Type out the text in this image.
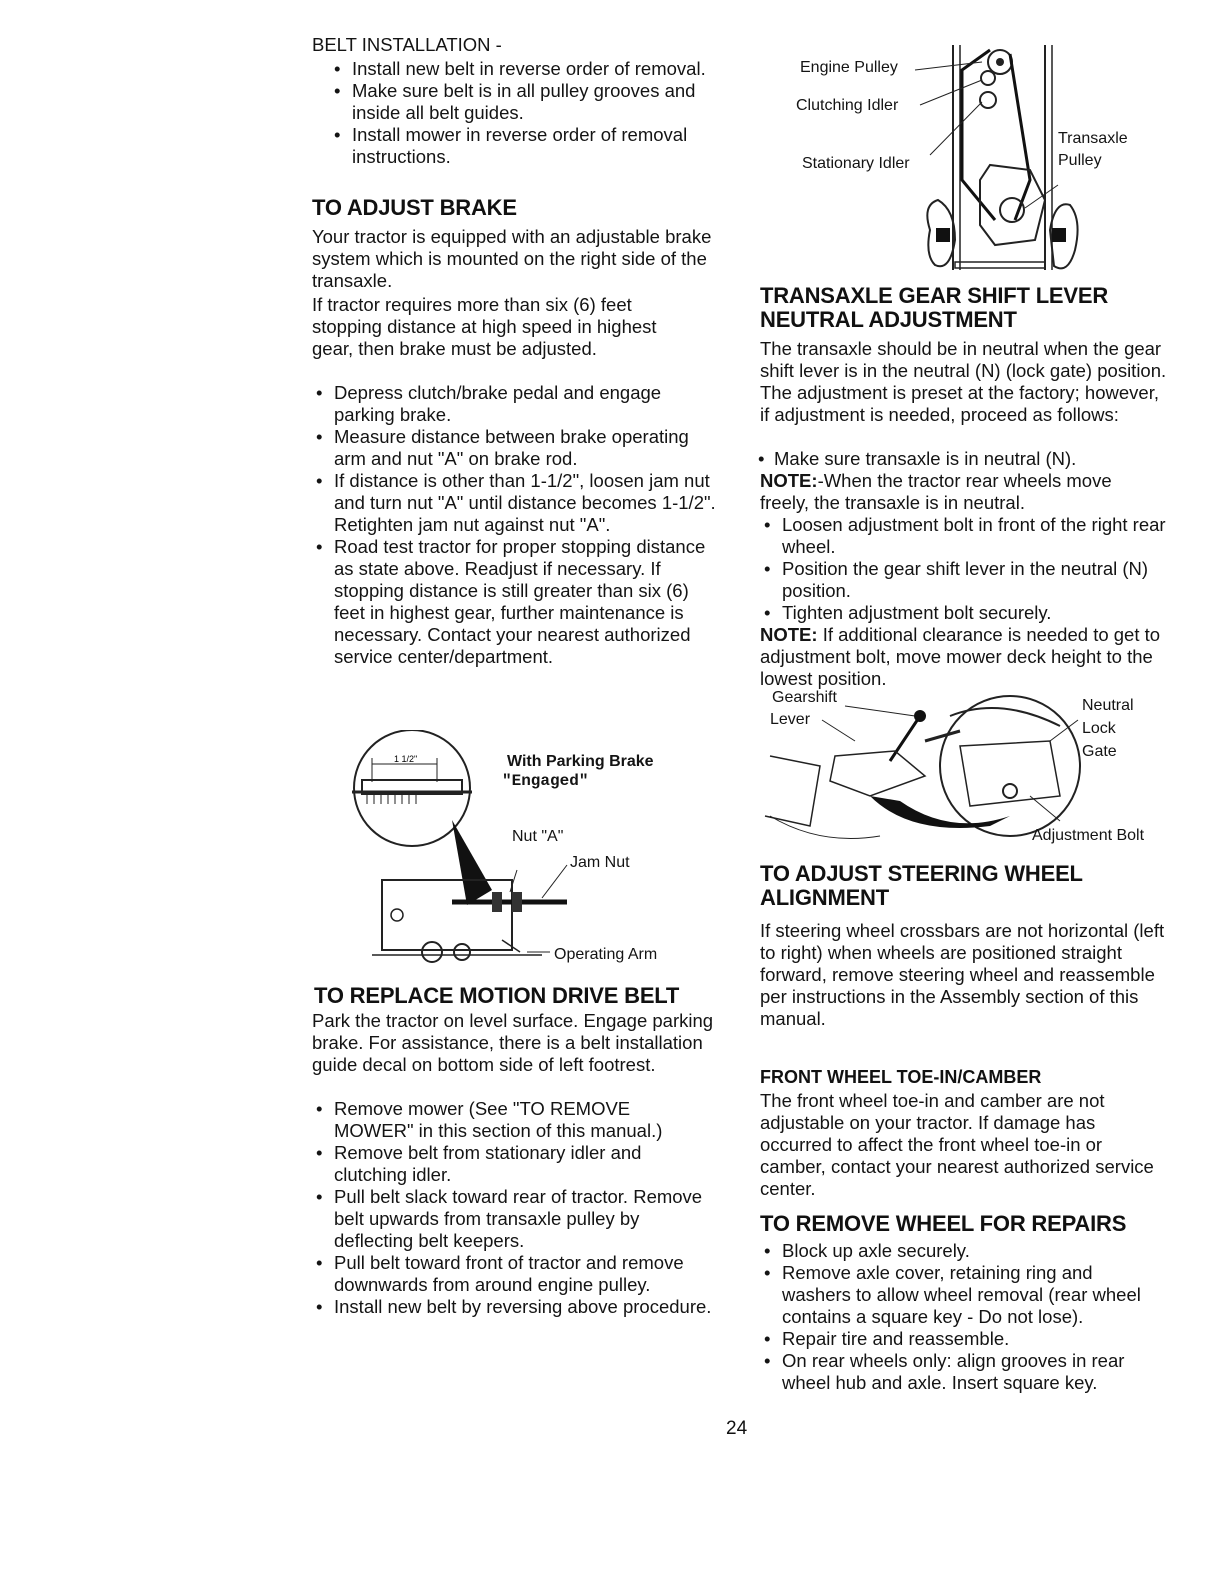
BELT INSTALLATION -
• Install new belt in reverse order of removal.
• Make sure belt is in all pulley grooves and inside all belt guides.
• Install mower in reverse order of removal instructions.
TO ADJUST BRAKE

Your tractor is equipped with an adjustable brake system which is mounted on the right side of the transaxle.

If tractor requires more than six (6) feet stopping distance at high speed in highest gear, then brake must be adjusted.

• Depress clutch/brake pedal and engage parking brake.
• Measure distance between brake operating arm and nut "A" on brake rod.
• If distance is other than 1-1/2", loosen jam nut and turn nut "A" until distance becomes 1-1/2". Retighten jam nut against nut "A".
• Road test tractor for proper stopping distance as state above. Readjust if necessary. If stopping distance is still greater than six (6) feet in highest gear, further maintenance is necessary. Contact your nearest authorized service center/department.
1 1/2"	With Parking Brake
"Engaged"
Nut "A"
Jam Nut
Operating Arm
TO REPLACE MOTION DRIVE BELT

Park the tractor on level surface. Engage parking brake. For assistance, there is a belt installation guide decal on bottom side of left footrest.

• Remove mower (See "TO REMOVE MOWER" in this section of this manual.)
• Remove belt from stationary idler and clutching idler.
• Pull belt slack toward rear of tractor. Remove belt upwards from transaxle pulley by deflecting belt keepers.
• Pull belt toward front of tractor and remove downwards from around engine pulley.
• Install new belt by reversing above procedure.
24
Engine Pulley
Clutching Idler
Stationary Idler
Transaxle
Pulley
TRANSAXLE GEAR SHIFT LEVER
NEUTRAL ADJUSTMENT

The transaxle should be in neutral when the gear shift lever is in the neutral (N) (lock gate) position. The adjustment is preset at the factory; however, if adjustment is needed, proceed as follows:

• Make sure transaxle is in neutral (N).

NOTE:-When the tractor rear wheels move freely, the transaxle is in neutral.

• Loosen adjustment bolt in front of the right rear wheel.
• Position the gear shift lever in the neutral (N) position.
• Tighten adjustment bolt securely.

NOTE: If additional clearance is needed to get to adjustment bolt, move mower deck height to the lowest position.

Gearshift
Lever
Neutral
Lock
Gate
Adjustment Bolt
TO ADJUST STEERING WHEEL
ALIGNMENT

If steering wheel crossbars are not horizontal (left to right) when wheels are positioned straight forward, remove steering wheel and reassemble per instructions in the Assembly section of this manual.

FRONT WHEEL TOE-IN/CAMBER

The front wheel toe-in and camber are not adjustable on your tractor. If damage has occurred to affect the front wheel toe-in or camber, contact your nearest authorized service center.

TO REMOVE WHEEL FOR REPAIRS
• Block up axle securely.
• Remove axle cover, retaining ring and washers to allow wheel removal (rear wheel contains a square key - Do not lose).
• Repair tire and reassemble.
• On rear wheels only: align grooves in rear wheel hub and axle. Insert square key.
